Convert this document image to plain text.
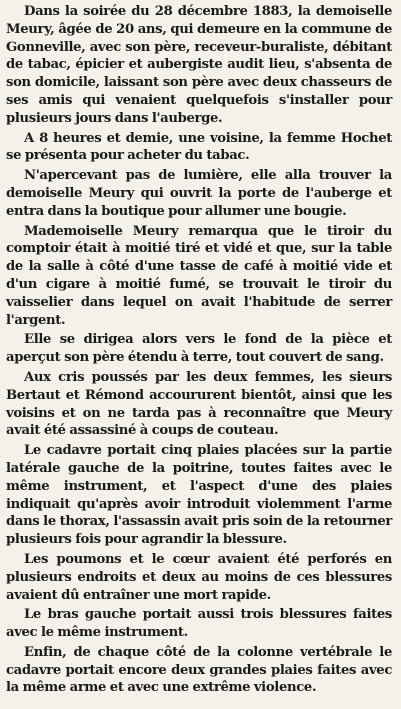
Dans la soirée du 28 décembre 1883, la demoiselle Meury, âgée de 20 ans, qui demeure en la commune de Gonneville, avec son père, receveur-buraliste, débitant de tabac, épicier et aubergiste audit lieu, s'absenta de son domicile, laissant son père avec deux chasseurs de ses amis qui venaient quelquefois s'installer pour plusieurs jours dans l'auberge.

A 8 heures et demie, une voisine, la femme Hochet se présenta pour acheter du tabac.

N'apercevant pas de lumière, elle alla trouver la demoiselle Meury qui ouvrit la porte de l'auberge et entra dans la boutique pour allumer une bougie.

Mademoiselle Meury remarqua que le tiroir du comptoir était à moitié tiré et vidé et que, sur la table de la salle à côté d'une tasse de café à moitié vide et d'un cigare à moitié fumé, se trouvait le tiroir du vaisselier dans lequel on avait l'habitude de serrer l'argent.

Elle se dirigea alors vers le fond de la pièce et aperçut son père étendu à terre, tout couvert de sang.

Aux cris poussés par les deux femmes, les sieurs Bertaut et Rémond accoururent bientôt, ainsi que les voisins et on ne tarda pas à reconnaître que Meury avait été assassiné à coups de couteau.

Le cadavre portait cinq plaies placées sur la partie latérale gauche de la poitrine, toutes faites avec le même instrument, et l'aspect d'une des plaies indiquait qu'après avoir introduit violemment l'arme dans le thorax, l'assassin avait pris soin de la retourner plusieurs fois pour agrandir la blessure.

Les poumons et le cœur avaient été perforés en plusieurs endroits et deux au moins de ces blessures avaient dû entraîner une mort rapide.

Le bras gauche portait aussi trois blessures faites avec le même instrument.

Enfin, de chaque côté de la colonne vertébrale le cadavre portait encore deux grandes plaies faites avec la même arme et avec une extrême violence.
